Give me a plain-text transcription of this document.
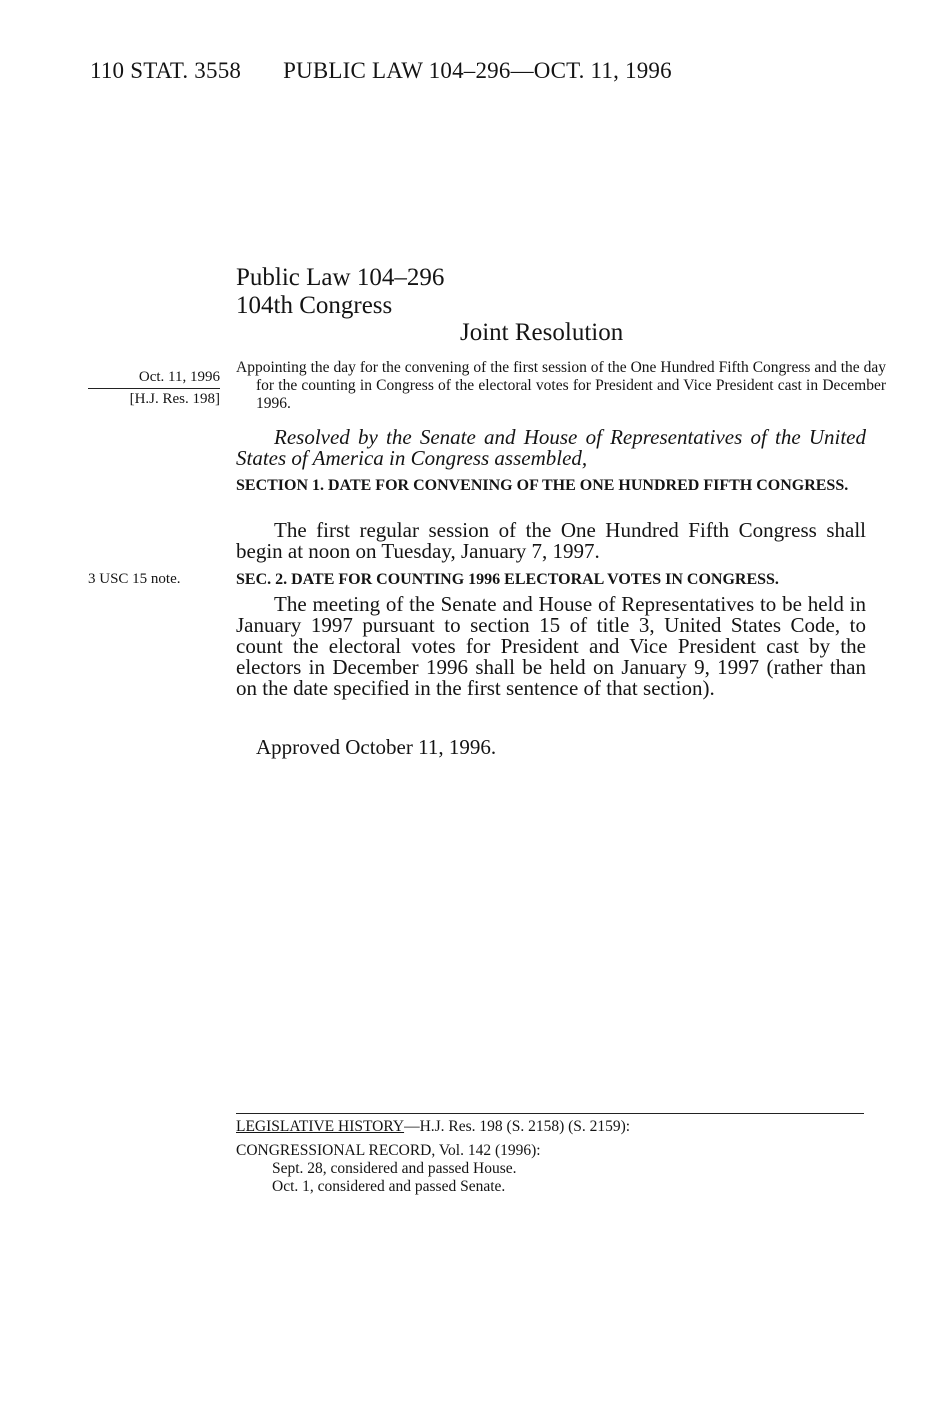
110 STAT. 3558 PUBLIC LAW 104–296—OCT. 11, 1996
Public Law 104–296
104th Congress
Joint Resolution
Oct. 11, 1996
[H.J. Res. 198]
3 USC 15 note.
Appointing the day for the convening of the first session of the One Hundred Fifth Congress and the day for the counting in Congress of the electoral votes for President and Vice President cast in December 1996.
Resolved by the Senate and House of Representatives of the United States of America in Congress assembled,
SECTION 1. DATE FOR CONVENING OF THE ONE HUNDRED FIFTH CONGRESS.
The first regular session of the One Hundred Fifth Congress shall begin at noon on Tuesday, January 7, 1997.
SEC. 2. DATE FOR COUNTING 1996 ELECTORAL VOTES IN CONGRESS.
The meeting of the Senate and House of Representatives to be held in January 1997 pursuant to section 15 of title 3, United States Code, to count the electoral votes for President and Vice President cast by the electors in December 1996 shall be held on January 9, 1997 (rather than on the date specified in the first sentence of that section).
Approved October 11, 1996.
LEGISLATIVE HISTORY—H.J. Res. 198 (S. 2158) (S. 2159):
CONGRESSIONAL RECORD, Vol. 142 (1996):
Sept. 28, considered and passed House.
Oct. 1, considered and passed Senate.
